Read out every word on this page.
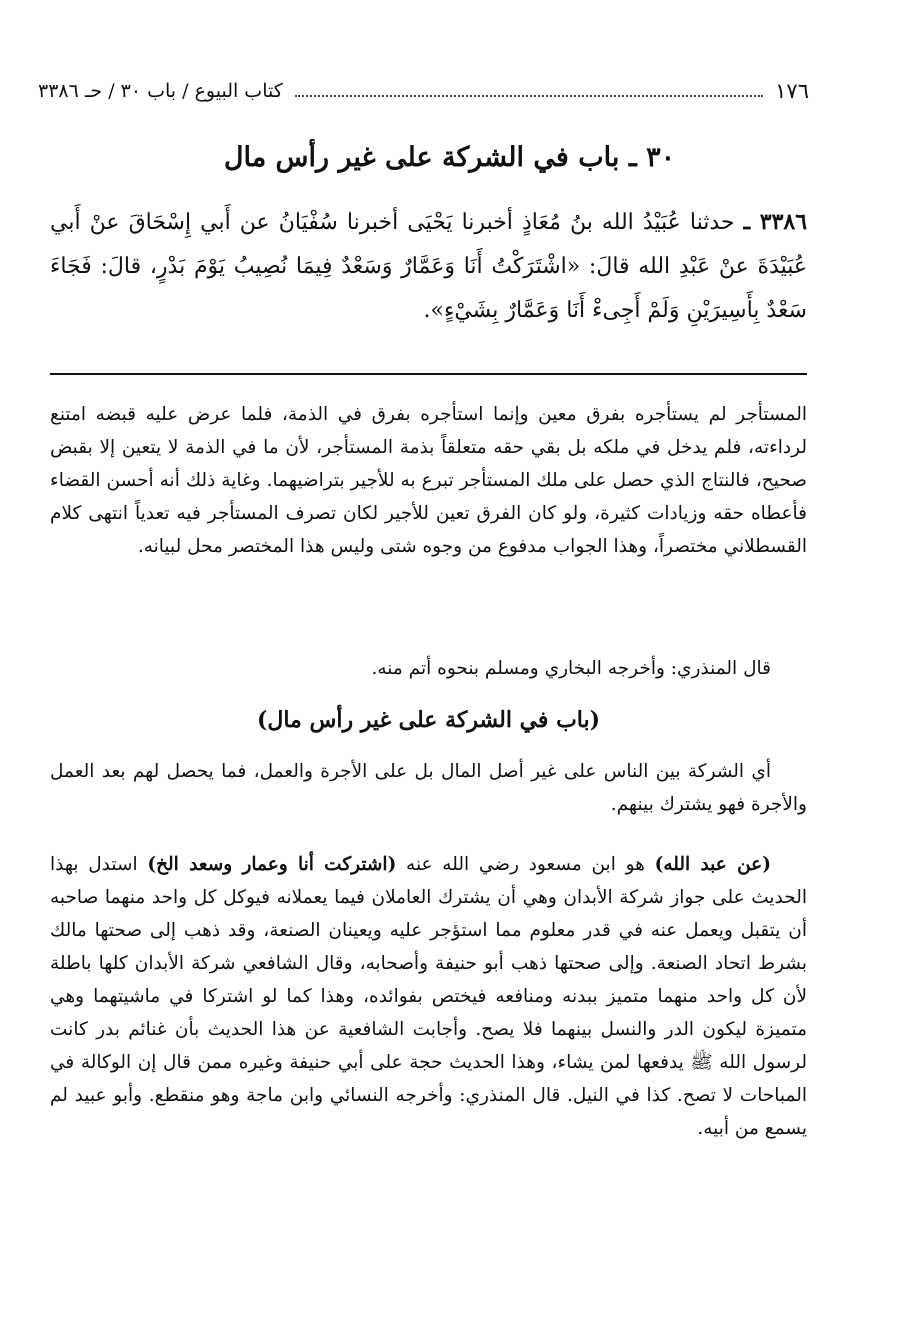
١٧٦
كتاب البيوع / باب ٣٠ / حـ ٣٣٨٦
٣٠ ـ باب في الشركة على غير رأس مال
٣٣٨٦ ـ حدثنا عُبَيْدُ الله بنُ مُعَاذٍ أخبرنا يَحْيَى أخبرنا سُفْيَانُ عن أَبي إِسْحَاقَ عنْ أَبي عُبَيْدَةَ عنْ عَبْدِ الله قالَ: «اشْتَرَكْتُ أَنَا وَعَمَّارٌ وَسَعْدٌ فِيمَا نُصِيبُ يَوْمَ بَدْرٍ، قالَ: فَجَاءَ سَعْدٌ بِأَسِيرَيْنِ وَلَمْ أَجِىءْ أَنَا وَعَمَّارٌ بِشَيْءٍ».
المستأجر لم يستأجره بفرق معين وإنما استأجره بفرق في الذمة، فلما عرض عليه قبضه امتنع لرداءته، فلم يدخل في ملكه بل بقي حقه متعلقاً بذمة المستأجر، لأن ما في الذمة لا يتعين إلا بقبض صحيح، فالنتاج الذي حصل على ملك المستأجر تبرع به للأجير بتراضيهما. وغاية ذلك أنه أحسن القضاء فأعطاه حقه وزيادات كثيرة، ولو كان الفرق تعين للأجير لكان تصرف المستأجر فيه تعدياً انتهى كلام القسطلاني مختصراً، وهذا الجواب مدفوع من وجوه شتى وليس هذا المختصر محل لبيانه.
قال المنذري: وأخرجه البخاري ومسلم بنحوه أتم منه.
(باب في الشركة على غير رأس مال)
أي الشركة بين الناس على غير أصل المال بل على الأجرة والعمل، فما يحصل لهم بعد العمل والأجرة فهو يشترك بينهم.
(عن عبد الله) هو ابن مسعود رضي الله عنه (اشتركت أنا وعمار وسعد الخ) استدل بهذا الحديث على جواز شركة الأبدان وهي أن يشترك العاملان فيما يعملانه فيوكل كل واحد منهما صاحبه أن يتقبل ويعمل عنه في قدر معلوم مما استؤجر عليه ويعينان الصنعة، وقد ذهب إلى صحتها مالك بشرط اتحاد الصنعة. وإلى صحتها ذهب أبو حنيفة وأصحابه، وقال الشافعي شركة الأبدان كلها باطلة لأن كل واحد منهما متميز ببدنه ومنافعه فيختص بفوائده، وهذا كما لو اشتركا في ماشيتهما وهي متميزة ليكون الدر والنسل بينهما فلا يصح. وأجابت الشافعية عن هذا الحديث بأن غنائم بدر كانت لرسول الله ﷺ يدفعها لمن يشاء، وهذا الحديث حجة على أبي حنيفة وغيره ممن قال إن الوكالة في المباحات لا تصح. كذا في النيل. قال المنذري: وأخرجه النسائي وابن ماجة وهو منقطع. وأبو عبيد لم يسمع من أبيه.
